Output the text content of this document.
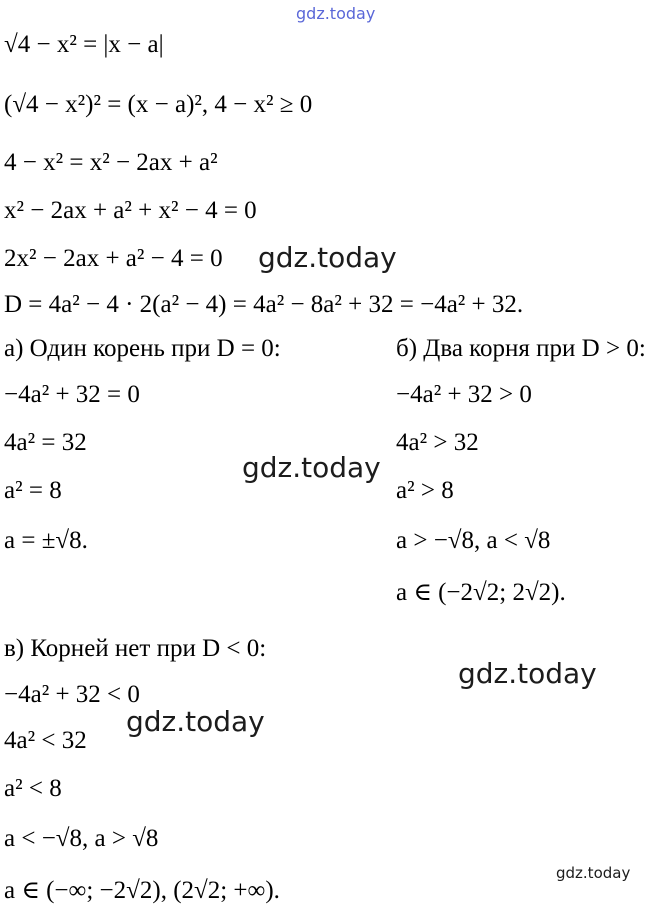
gdz.today
√4 − x² = |x − a|
(√4 − x²)² = (x − a)², 4 − x² ≥ 0
4 − x² = x² − 2ax + a²
x² − 2ax + a² + x² − 4 = 0
2x² − 2ax + a² − 4 = 0 gdz.today
D = 4a² − 4 · 2(a² − 4) = 4a² − 8a² + 32 = −4a² + 32.
а) Один корень при D = 0:
−4a² + 32 = 0
4a² = 32
a² = 8
a = ±√8.
б) Два корня при D > 0:
−4a² + 32 > 0
4a² > 32
a² > 8
a > −√8, a < √8
a ∈ (−2√2; 2√2).
gdz.today
в) Корней нет при D < 0:
gdz.today
−4a² + 32 < 0
gdz.today
4a² < 32
a² < 8
a < −√8, a > √8
a ∈ (−∞; −2√2), (2√2; +∞).
gdz.today
